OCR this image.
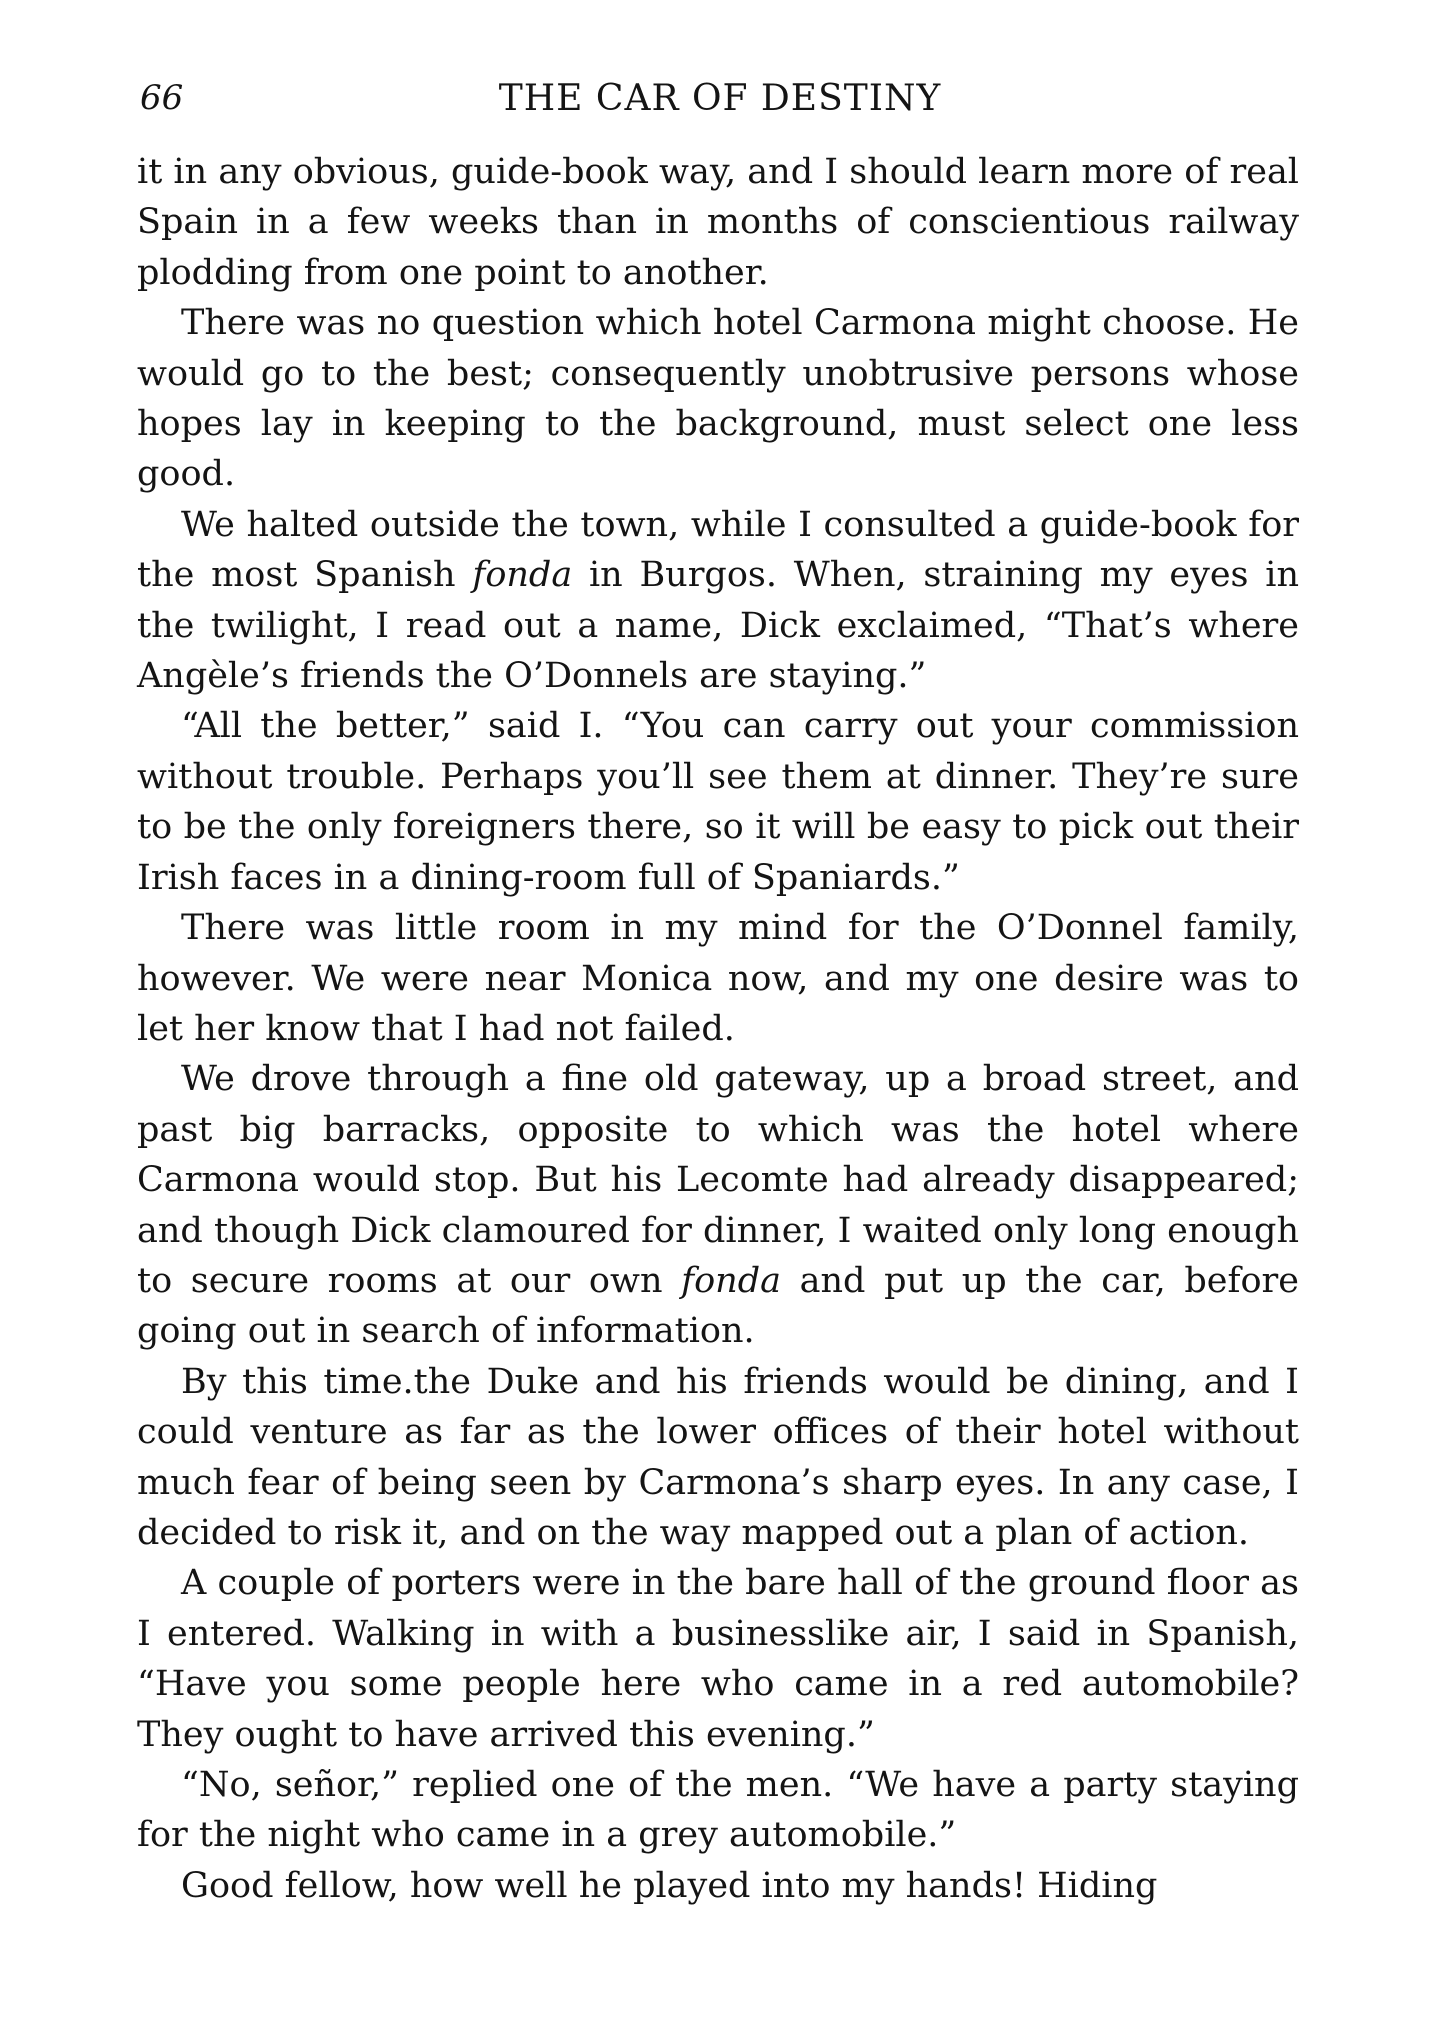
66	THE CAR OF DESTINY

it in any obvious, guide-book way, and I should learn more of real Spain in a few weeks than in months of conscientious railway plodding from one point to another.

There was no question which hotel Carmona might choose. He would go to the best; consequently unobtrusive persons whose hopes lay in keeping to the background, must select one less good.

We halted outside the town, while I consulted a guide-book for the most Spanish fonda in Burgos. When, straining my eyes in the twilight, I read out a name, Dick exclaimed, “That’s where Angèle’s friends the O’Donnels are staying.”

“All the better,” said I. “You can carry out your commission without trouble. Perhaps you’ll see them at dinner. They’re sure to be the only foreigners there, so it will be easy to pick out their Irish faces in a dining-room full of Spaniards.”

There was little room in my mind for the O’Donnel family, however. We were near Monica now, and my one desire was to let her know that I had not failed.

We drove through a fine old gateway, up a broad street, and past big barracks, opposite to which was the hotel where Carmona would stop. But his Lecomte had already disappeared; and though Dick clamoured for dinner, I waited only long enough to secure rooms at our own fonda and put up the car, before going out in search of information.

By this time.the Duke and his friends would be dining, and I could venture as far as the lower offices of their hotel without much fear of being seen by Carmona’s sharp eyes. In any case, I decided to risk it, and on the way mapped out a plan of action.

A couple of porters were in the bare hall of the ground floor as I entered. Walking in with a businesslike air, I said in Spanish, “Have you some people here who came in a red automobile? They ought to have arrived this evening.”

“No, señor,” replied one of the men. “We have a party staying for the night who came in a grey automobile.”

Good fellow, how well he played into my hands! Hiding
